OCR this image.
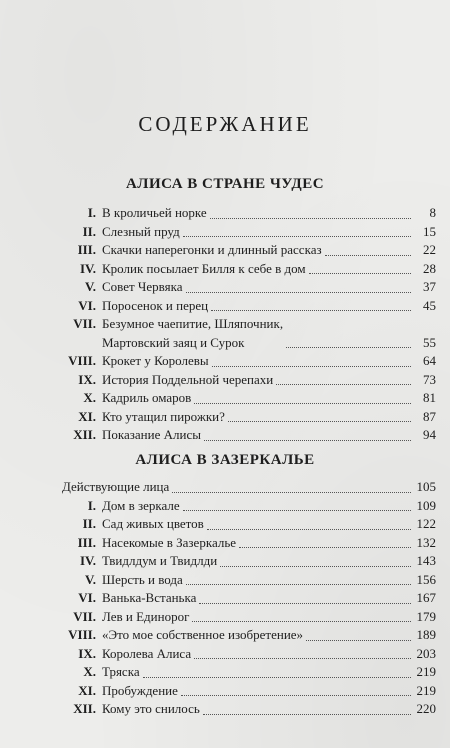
СОДЕРЖАНИЕ
АЛИСА В СТРАНЕ ЧУДЕС
I. В кроличьей норке	8
II. Слезный пруд	15
III. Скачки наперегонки и длинный рассказ	22
IV. Кролик посылает Билля к себе в дом	28
V. Совет Червяка	37
VI. Поросенок и перец	45
VII. Безумное чаепитие, Шляпочник,
Мартовский заяц и Сурок	55
VIII. Крокет у Королевы	64
IX. История Поддельной черепахи	73
X. Кадриль омаров	81
XI. Кто утащил пирожки?	87
XII. Показание Алисы	94
АЛИСА В ЗАЗЕРКАЛЬЕ
Действующие лица	105
I. Дом в зеркале	109
II. Сад живых цветов	122
III. Насекомые в Зазеркалье	132
IV. Твидлдум и Твидлди	143
V. Шерсть и вода	156
VI. Ванька-Встанька	167
VII. Лев и Единорог	179
VIII. «Это мое собственное изобретение»	189
IX. Королева Алиса	203
X. Тряска	219
XI. Пробуждение	219
XII. Кому это снилось	220
